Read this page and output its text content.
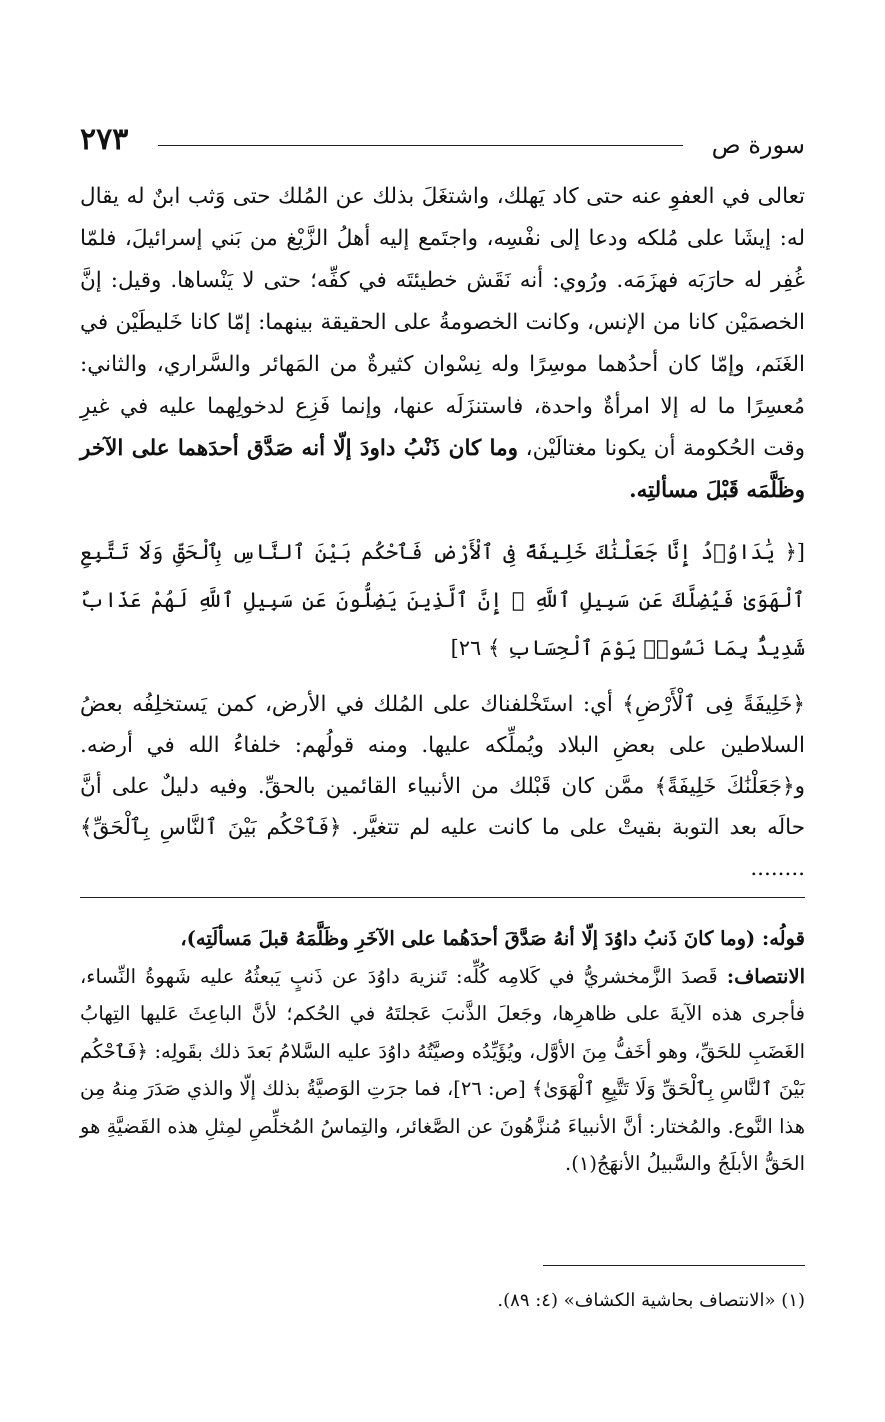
سورة ص
٢٧٣

تعالى في العفوِ عنه حتى كاد يَهلك، واشتغَلَ بذلك عن المُلك حتى وَثب ابنٌ له يقال له: إيشَا على مُلكه ودعا إلى نفْسِه، واجتَمع إليه أهلُ الزَّيْغ من بَني إسرائيلَ، فلمّا غُفِر له حارَبَه فهزَمَه. ورُوي: أنه نَقَش خطيئتَه في كفِّه؛ حتى لا يَنْساها. وقيل: إنَّ الخصمَيْن كانا من الإنس، وكانت الخصومةُ على الحقيقة بينهما: إمّا كانا خَليطَيْن في الغَنَم، وإمّا كان أحدُهما موسِرًا وله نِسْوان كثيرةٌ من المَهائر والسَّراري، والثاني: مُعسِرًا ما له إلا امرأةٌ واحدة، فاستنزَلَه عنها، وإنما فَزِع لدخولِهما عليه في غيرِ وقت الحُكومة أن يكونا مغتالَيْن، وما كان ذَنْبُ داودَ إلّا أنه صَدَّق أحدَهما على الآخر وظَلَّمَه قَبْلَ مسألتِه.

[﴿ يَٰدَاوُۥدُ إِنَّا جَعَلْنَٰكَ خَلِيفَةً فِى ٱلْأَرْضِ فَٱحْكُم بَيْنَ ٱلنَّاسِ بِٱلْحَقِّ وَلَا تَتَّبِعِ ٱلْهَوَىٰ فَيُضِلَّكَ عَن سَبِيلِ ٱللَّهِ ۚ إِنَّ ٱلَّذِينَ يَضِلُّونَ عَن سَبِيلِ ٱللَّهِ لَهُمْ عَذَابٌ شَدِيدٌۢ بِمَا نَسُوا۟ يَوْمَ ٱلْحِسَابِ ﴾ ٢٦]

﴿خَلِيفَةً فِى ٱلْأَرْضِ﴾ أي: استَخْلفناك على المُلك في الأرض، كمن يَستخلِفُه بعضُ السلاطين على بعضِ البلاد ويُملِّكه عليها. ومنه قولُهم: خلفاءُ الله في أرضه. و﴿جَعَلْنَٰكَ خَلِيفَةً﴾ ممَّن كان قَبْلك من الأنبياء القائمين بالحقِّ. وفيه دليلٌ على أنَّ حالَه بعد التوبة بقيتْ على ما كانت عليه لم تتغيَّر. ﴿فَٱحْكُم بَيْنَ ٱلنَّاسِ بِٱلْحَقِّ﴾ ........

قولُه: (وما كانَ ذَنبُ داوُدَ إلّا أنهُ صَدَّقَ أحدَهُما على الآخَرِ وظَلَّمَهُ قبلَ مَسألَتِه)،
الانتصاف: قَصدَ الزَّمخشريُّ في كَلامِه كُلِّه: تَنزيهَ داوُدَ عن ذَنبٍ يَبعثُهُ عليه شَهوةُ النِّساء، فأجرى هذه الآيةَ على ظاهرِها، وجَعلَ الذَّنبَ عَجلتَهُ في الحُكم؛ لأنَّ الباعِثَ عَليها التِهابُ الغَضَبِ للحَقِّ، وهو أخَفُّ مِنَ الأوَّل، ويُؤَيِّدُه وصيَّتُهُ داوُدَ عليه السَّلامُ بَعدَ ذلك بقَولِه: ﴿فَٱحْكُم بَيْنَ ٱلنَّاسِ بِٱلْحَقِّ وَلَا تَتَّبِعِ ٱلْهَوَىٰ﴾ [ص: ٢٦]، فما جرَتِ الوَصيَّةُ بذلك إلّا والذي صَدَرَ مِنهُ مِن هذا النَّوع. والمُختار: أنَّ الأنبياءَ مُنزَّهُونَ عن الصَّغائر، والتِماسُ المُخلِّصِ لمِثلِ هذه القَضيَّةِ هو الحَقُّ الأبلَجُ والسَّبيلُ الأنهَجُ(١).

(١) «الانتصاف بحاشية الكشاف» (٤: ٨٩).
